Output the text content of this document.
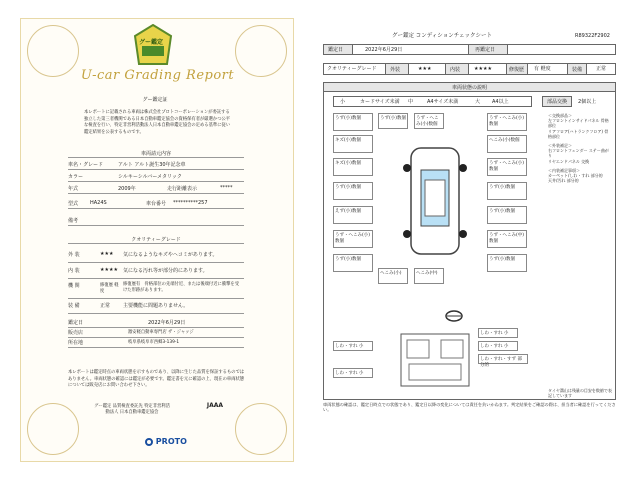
グー鑑定
U-car Grading Report
グー鑑定証
本レポートに記載される車両は株式会社プロトコーポレーションが委託する独立した第三者機関である日本自動車鑑定協会の資格保有者が厳選かつ公平な検査を行い、特定非営利活動法人日本自動車鑑定協会の定める基準に従い鑑定結果を公表するものです。
車両請元内容
車名・グレード	アルト アルト誕生30年記念車
カラー	シルキーシルバーメタリック
年式	2009年	走行距離表示	*****
型式 HA24S	車台番号 **********257
備考
クオリティーグレード
外 装	★★★ 気になるようなキズやヘコミがあります。
内 装	★★★★ 気になる汚れ等が部分的にあります。
機 関	修復歴 軽度
修復歴有　骨格部位の先端付近、または後端付近に衝撃を受けた形跡があります。
装 備	正常	主要機能に問題ありません。
鑑定日	2022年6月29日
販売店	激安軽自動車専門店 ザ・ジャッジ
所在地	岐阜県岐阜市西郷3-139-1
本レポートは鑑定時点の車両状態を示すものであり、以降に生じた品質を保証するものではありません。車両状態の確認には鑑定が必要です。鑑定書を元に確認の上、現在の車両状態については販売店にお問い合わせ下さい。
グー鑑定 品質検査委託先 特定非営利活動法人 日本自動車鑑定協会
JAAA
PROTO
グー鑑定 コンディションチェックシート	R89322F2902
鑑定日	2022年6月29日	再鑑定日
クオリティーグレード	外装	★★★	内装	★★★★	修復歴	有 軽度	装備	正常
車両状態の説明
小	カードサイズ未満 中	A4サイズ未満	大 A4以上	部品交換	2個以上
うず(小)数個
キズ(小)数個
キズ(小)数個
うず(小)数個
えず(小)数個
うず・へこみ(小)数個
うず(小)数個
うず(小)数個	うず・へこみ(小)数個
ヘこみ(小)	へこみ(中)
うず・へこみ(小)数個
へこみ(小)数個
うず・へこみ(小)数個
うず(小)数個
うず(小)数個
うず・へこみ(中)数個
うず(小)数個
＜交換部品＞
左フロントインサイドパネル 骨格部位
リアフロア(ハトランクフロア) 骨格部位
＜外装補足＞
右フロントフェンダー ステー曲がり
リヤエンドパネル 交換
＜内装補足事項＞
カーペット/しわ・すれ 部分的
天井/汚れ 部分的
しわ・すれ 小
しわ・すれ 小
しわ・すれ・すず 部分的
しわ・すれ 小
しわ・すれ 小
タイヤ溝山は残量の目安を数値で表記しています
車両状態の確認は、鑑定日時点での状態であり、鑑定日以降の変化については責任を負いかねます。判定結果をご確認の際は、担当者に確認を行ってください。
